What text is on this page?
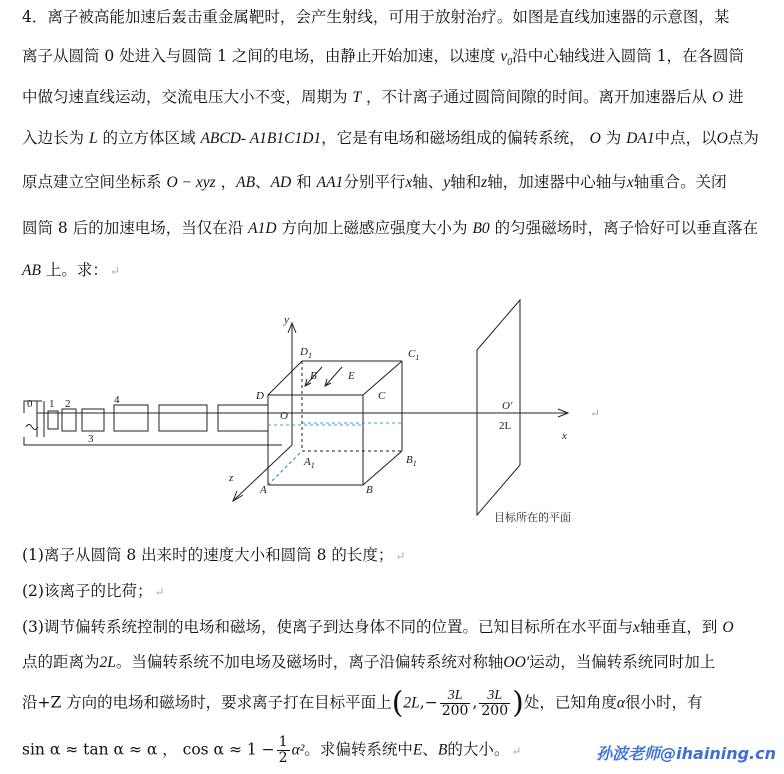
4．离子被高能加速后轰击重金属靶时，会产生射线，可用于放射治疗。如图是直线加速器的示意图，某
离子从圆筒 0 处进入与圆筒 1 之间的电场，由静止开始加速，以速度 $v_0$沿中心轴线进入圆筒 1，在各圆筒
中做匀速直线运动，交流电压大小不变，周期为 T ，不计离子通过圆筒间隙的时间。离开加速器后从 O 进
入边长为 L 的立方体区域 ABCD- A1B1C1D1，它是有电场和磁场组成的偏转系统， O 为 DA1中点，以O点为
原点建立空间坐标系 O − xyz ，AB、AD 和 AA1分别平行x轴、y轴和z轴，加速器中心轴与x轴重合。关闭
圆筒 8 后的加速电场，当仅在沿 A1D 方向加上磁感应强度大小为 B0 的匀强磁场时，离子恰好可以垂直落在
AB 上。求： ↵
0 1 2
3
4
y
x
z
O
D
A	B
C
$D_1$	$C_1$
$A_1$	$B_1$
B	E
O′
2L
目标所在的平面
↵
(1)离子从圆筒 8 出来时的速度大小和圆筒 8 的长度； ↵
(2)该离子的比荷； ↵
(3)调节偏转系统控制的电场和磁场，使离子到达身体不同的位置。已知目标所在水平面与x轴垂直，到 O
点的距离为2L。当偏转系统不加电场及磁场时，离子沿偏转系统对称轴OO′运动，当偏转系统同时加上
沿+Z 方向的电场和磁场时，要求离子打在目标平面上($2L,- \frac{3L}{200}$ , $\frac{3L}{200}$ )处，已知角度α很小时，有
sin α ≈ tan α ≈ α ， $\cos \alpha \approx 1 - \frac{1}{2} \alpha^2$。求偏转系统中E、B的大小。 ↵	孙波老师@ihaining.cn
